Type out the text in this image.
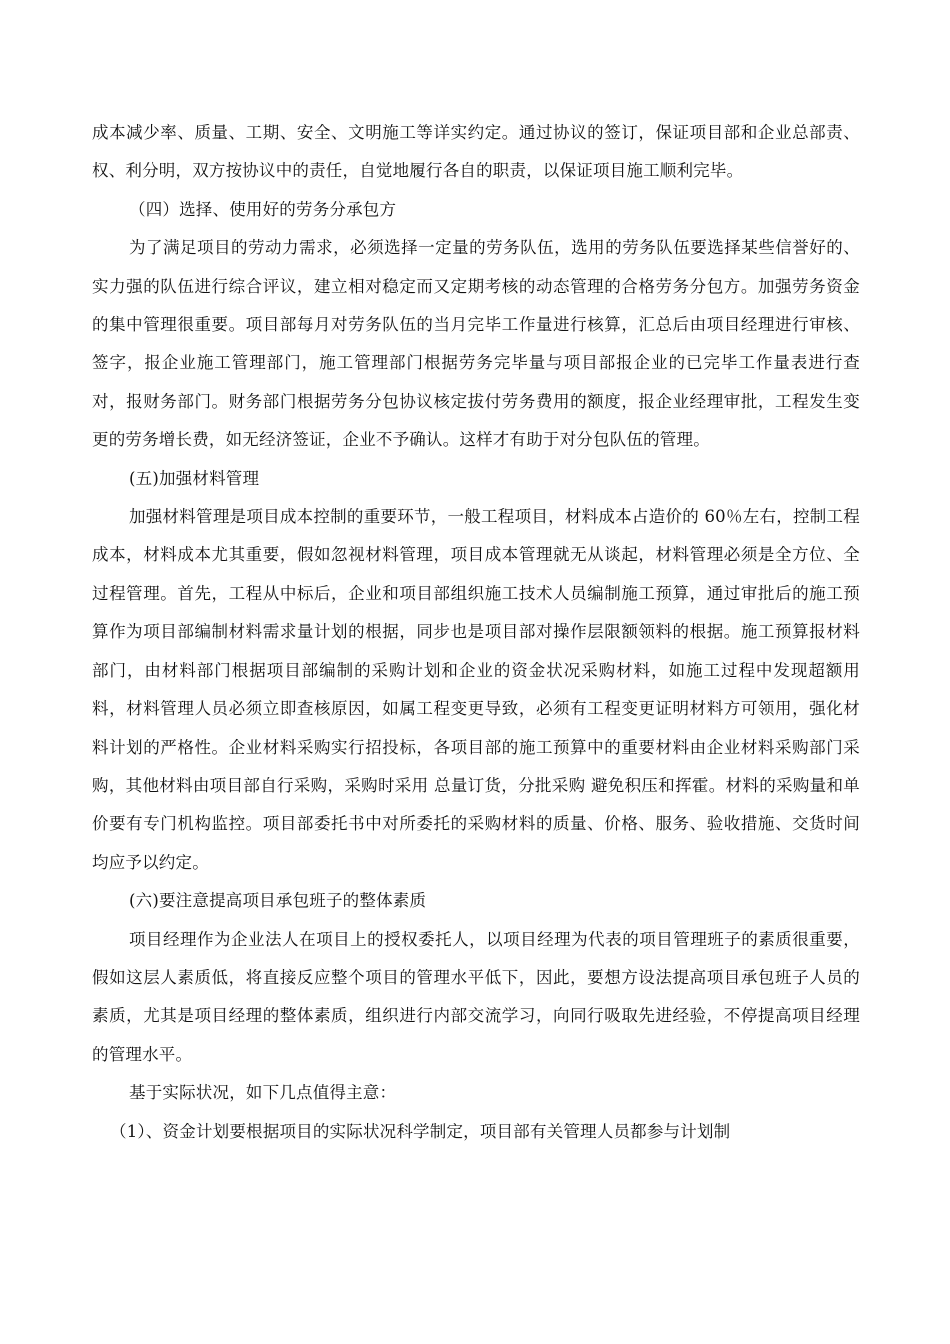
成本减少率、质量、工期、安全、文明施工等详实约定。通过协议的签订，保证项目部和企业总部责、权、利分明，双方按协议中的责任，自觉地履行各自的职责，以保证项目施工顺利完毕。

（四）选择、使用好的劳务分承包方

为了满足项目的劳动力需求，必须选择一定量的劳务队伍，选用的劳务队伍要选择某些信誉好的、实力强的队伍进行综合评议，建立相对稳定而又定期考核的动态管理的合格劳务分包方。加强劳务资金的集中管理很重要。项目部每月对劳务队伍的当月完毕工作量进行核算，汇总后由项目经理进行审核、签字，报企业施工管理部门，施工管理部门根据劳务完毕量与项目部报企业的已完毕工作量表进行查对，报财务部门。财务部门根据劳务分包协议核定拔付劳务费用的额度，报企业经理审批，工程发生变更的劳务增长费，如无经济签证，企业不予确认。这样才有助于对分包队伍的管理。

(五)加强材料管理

加强材料管理是项目成本控制的重要环节，一般工程项目，材料成本占造价的 60％左右，控制工程成本，材料成本尤其重要，假如忽视材料管理，项目成本管理就无从谈起，材料管理必须是全方位、全过程管理。首先，工程从中标后，企业和项目部组织施工技术人员编制施工预算，通过审批后的施工预算作为项目部编制材料需求量计划的根据，同步也是项目部对操作层限额领料的根据。施工预算报材料部门，由材料部门根据项目部编制的采购计划和企业的资金状况采购材料，如施工过程中发现超额用料，材料管理人员必须立即查核原因，如属工程变更导致，必须有工程变更证明材料方可领用，强化材料计划的严格性。企业材料采购实行招投标，各项目部的施工预算中的重要材料由企业材料采购部门采购，其他材料由项目部自行采购，采购时采用 总量订货，分批采购 避免积压和挥霍。材料的采购量和单价要有专门机构监控。项目部委托书中对所委托的采购材料的质量、价格、服务、验收措施、交货时间均应予以约定。

(六)要注意提高项目承包班子的整体素质

项目经理作为企业法人在项目上的授权委托人，以项目经理为代表的项目管理班子的素质很重要，假如这层人素质低，将直接反应整个项目的管理水平低下，因此，要想方设法提高项目承包班子人员的素质，尤其是项目经理的整体素质，组织进行内部交流学习，向同行吸取先进经验，不停提高项目经理的管理水平。

基于实际状况，如下几点值得主意：

（1）、资金计划要根据项目的实际状况科学制定，项目部有关管理人员都参与计划制
